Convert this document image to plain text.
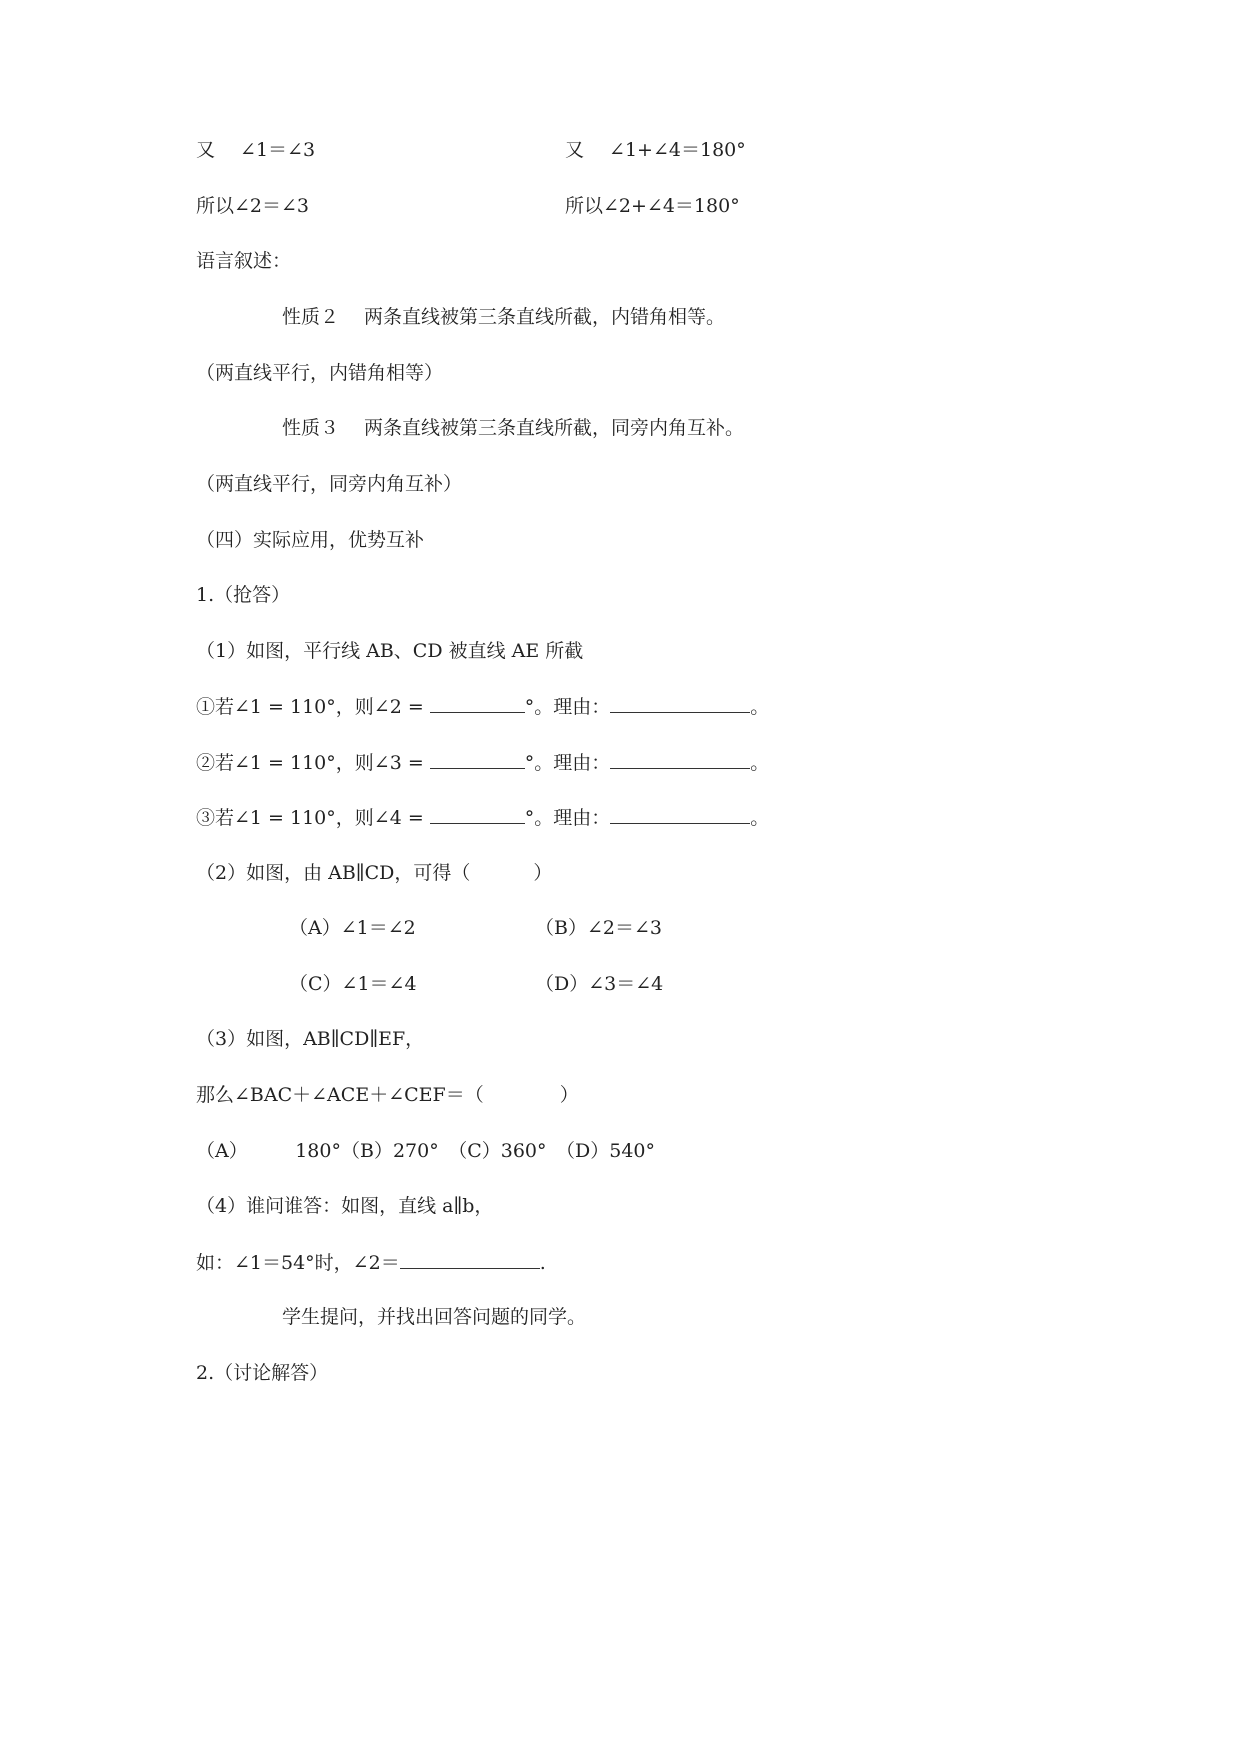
又　 ∠1＝∠3	又　 ∠1+∠4＝180°
所以∠2＝∠3	所以∠2+∠4＝180°
语言叙述：
性质２　 两条直线被第三条直线所截，内错角相等。
（两直线平行，内错角相等）
性质３　 两条直线被第三条直线所截，同旁内角互补。
（两直线平行，同旁内角互补）
（四）实际应用，优势互补
1.（抢答）
（1）如图，平行线 AB、CD 被直线 AE 所截
①若∠1 = 110°，则∠2 =	°。理由：	。
②若∠1 = 110°，则∠3 =	°。理由：	。
③若∠1 = 110°，则∠4 =	°。理由：	。
（2）如图，由 AB∥CD，可得（　　　 ）
（A）∠1＝∠2	（B）∠2＝∠3
（C）∠1＝∠4	（D）∠3＝∠4
（3）如图，AB∥CD∥EF，
那么∠BAC＋∠ACE＋∠CEF＝（　　　　）
（A）　　　180°（B）270°　（C）360°　（D）540°
（4）谁问谁答：如图，直线 a∥b，
如：∠1＝54°时，∠2＝	.
学生提问，并找出回答问题的同学。
2.（讨论解答）
